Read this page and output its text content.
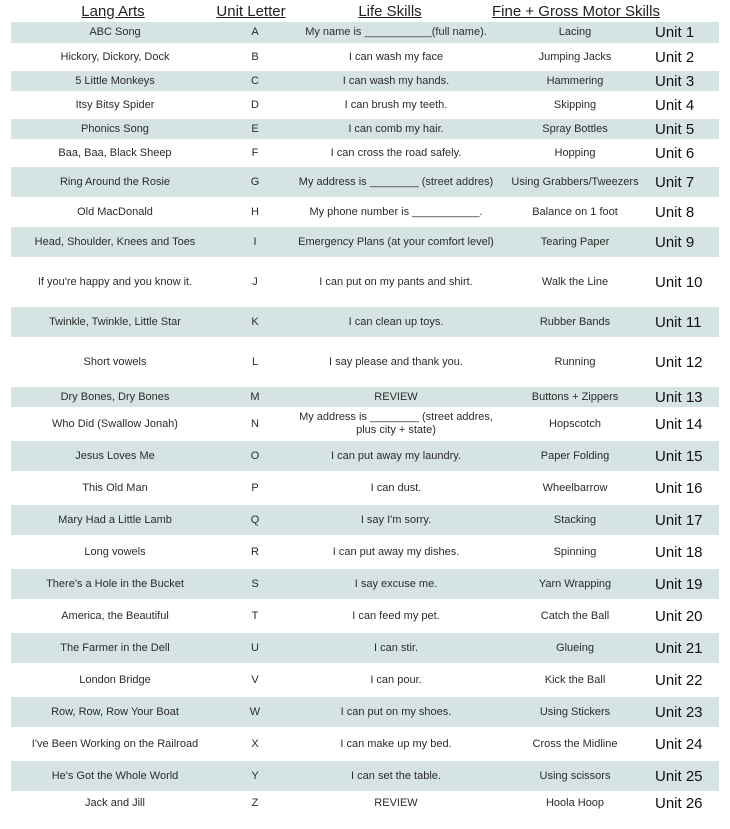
Lang Arts	Unit Letter	Life Skills	Fine + Gross Motor Skills
ABC Song	A	My name is ___________(full name).	Lacing	Unit 1
Hickory, Dickory, Dock	B	I can wash my face	Jumping Jacks	Unit 2
5 Little Monkeys	C	I can wash my hands.	Hammering	Unit 3
Itsy Bitsy Spider	D	I can brush my teeth.	Skipping	Unit 4
Phonics Song	E	I can comb my hair.	Spray Bottles	Unit 5
Baa, Baa, Black Sheep	F	I can cross the road safely.	Hopping	Unit 6
Ring Around the Rosie	G	My address is ________ (street addres)	Using Grabbers/Tweezers	Unit 7
Old MacDonald	H	My phone number is ___________.	Balance on 1 foot	Unit 8
Head, Shoulder, Knees and Toes	I	Emergency Plans (at your comfort level)	Tearing Paper	Unit 9
If you're happy and you know it.	J	I can put on my pants and shirt.	Walk the Line	Unit 10
Twinkle, Twinkle, Little Star	K	I can clean up toys.	Rubber Bands	Unit 11
Short vowels	L	I say please and thank you.	Running	Unit 12
Dry Bones, Dry Bones	M	REVIEW	Buttons + Zippers	Unit 13
Who Did (Swallow Jonah)	N	My address is ________ (street addres, plus city + state)	Hopscotch	Unit 14
Jesus Loves Me	O	I can put away my laundry.	Paper Folding	Unit 15
This Old Man	P	I can dust.	Wheelbarrow	Unit 16
Mary Had a Little Lamb	Q	I say I'm sorry.	Stacking	Unit 17
Long vowels	R	I can put away my dishes.	Spinning	Unit 18
There's a Hole in the Bucket	S	I say excuse me.	Yarn Wrapping	Unit 19
America, the Beautiful	T	I can feed my pet.	Catch the Ball	Unit 20
The Farmer in the Dell	U	I can stir.	Glueing	Unit 21
London Bridge	V	I can pour.	Kick the Ball	Unit 22
Row, Row, Row Your Boat	W	I can put on my shoes.	Using Stickers	Unit 23
I've Been Working on the Railroad	X	I can make up my bed.	Cross the Midline	Unit 24
He's Got the Whole World	Y	I can set the table.	Using scissors	Unit 25
Jack and Jill	Z	REVIEW	Hoola Hoop	Unit 26
